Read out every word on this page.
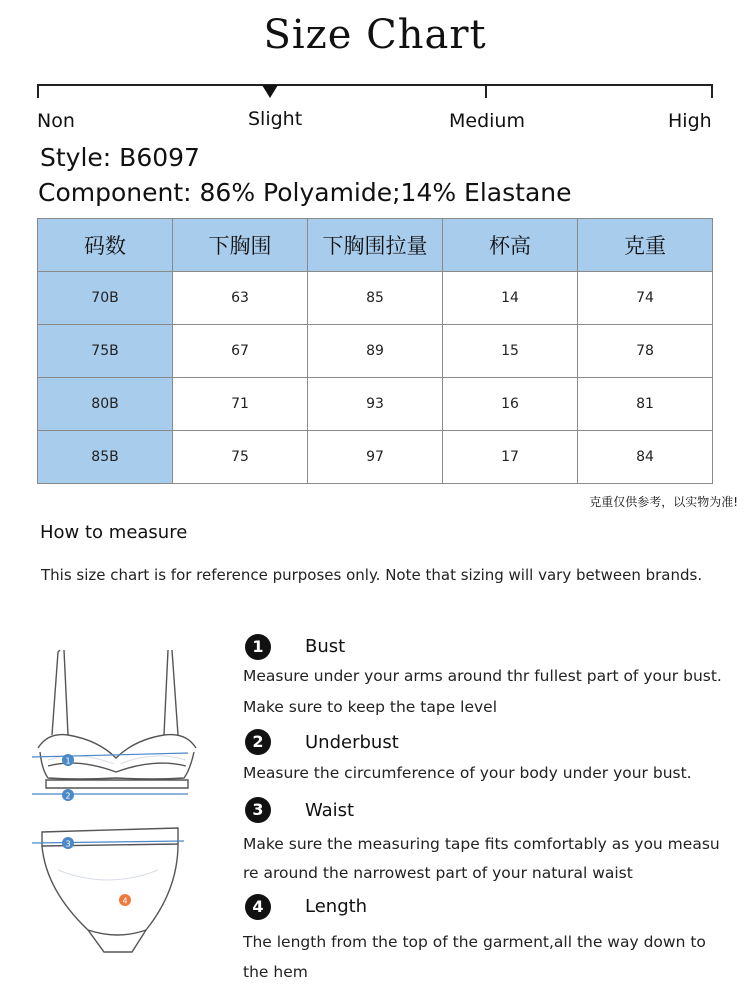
Size Chart
Non	Slight	Medium	High
Style: B6097
Component: 86% Polyamide;14% Elastane
码数	下胸围	下胸围拉量	杯高	克重
70B	63	85	14	74
75B	67	89	15	78
80B	71	93	16	81
85B	75	97	17	84
克重仅供参考，以实物为准!
How to measure
This size chart is for reference purposes only. Note that sizing will vary between brands.
1
2
3
4
1	Bust
Measure under your arms around thr fullest part of your bust.
Make sure to keep the tape level
2	Underbust
Measure the circumference of your body under your bust.
3	Waist
Make sure the measuring tape fits comfortably as you measu
re around the narrowest part of your natural waist
4	Length
The length from the top of the garment,all the way down to
the hem
